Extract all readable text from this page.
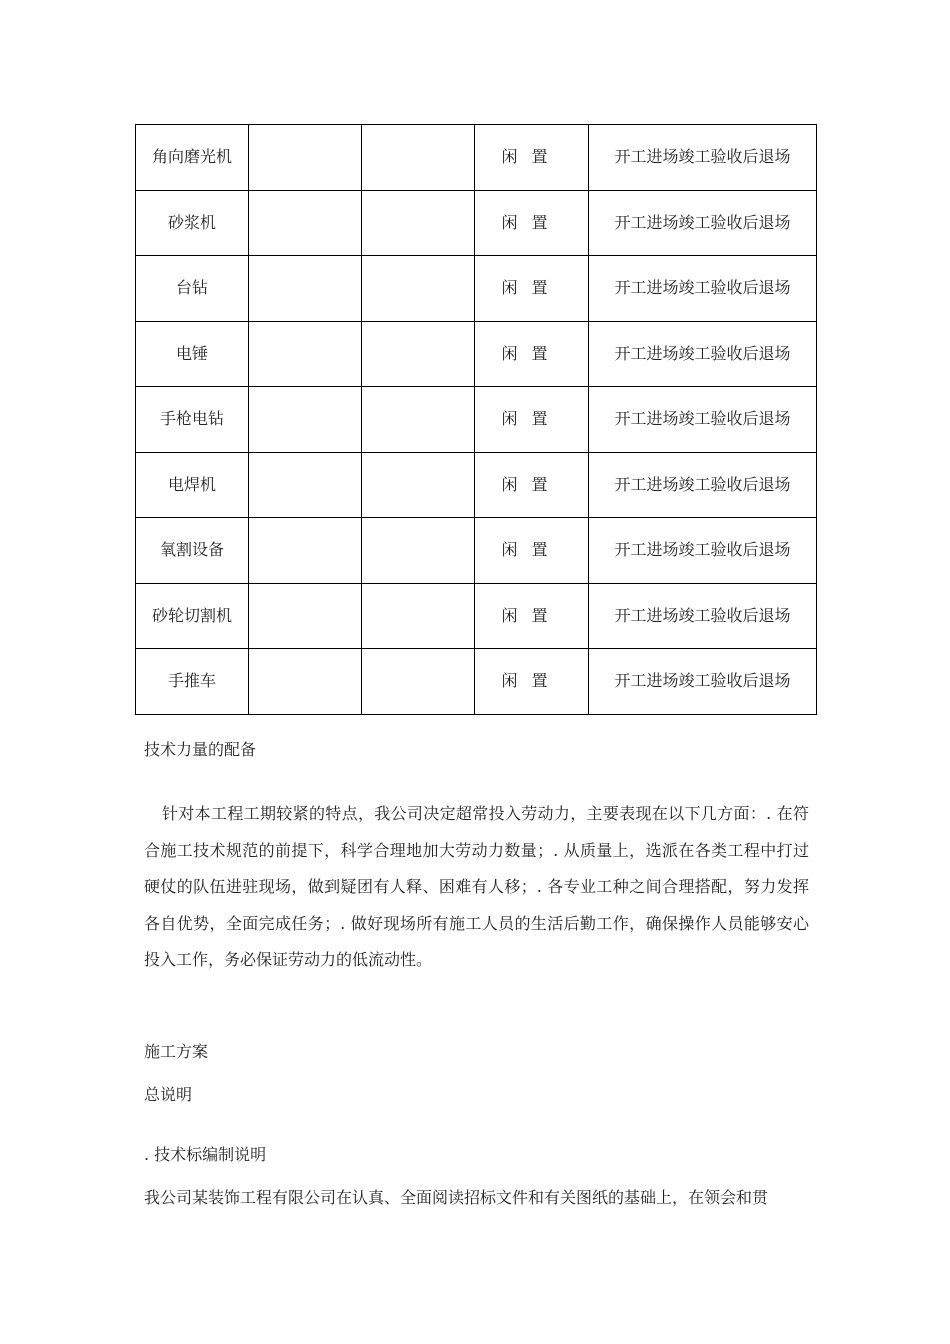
角向磨光机			闲置	开工进场竣工验收后退场
砂浆机			闲置	开工进场竣工验收后退场
台钻			闲置	开工进场竣工验收后退场
电锤			闲置	开工进场竣工验收后退场
手枪电钻			闲置	开工进场竣工验收后退场
电焊机			闲置	开工进场竣工验收后退场
氧割设备			闲置	开工进场竣工验收后退场
砂轮切割机			闲置	开工进场竣工验收后退场
手推车			闲置	开工进场竣工验收后退场

技术力量的配备

针对本工程工期较紧的特点，我公司决定超常投入劳动力，主要表现在以下几方面：. 在符合施工技术规范的前提下，科学合理地加大劳动力数量；. 从质量上，选派在各类工程中打过硬仗的队伍进驻现场，做到疑团有人释、困难有人移；. 各专业工种之间合理搭配，努力发挥各自优势，全面完成任务；. 做好现场所有施工人员的生活后勤工作，确保操作人员能够安心投入工作，务必保证劳动力的低流动性。

施工方案

总说明

. 技术标编制说明

我公司某装饰工程有限公司在认真、全面阅读招标文件和有关图纸的基础上，在领会和贯
